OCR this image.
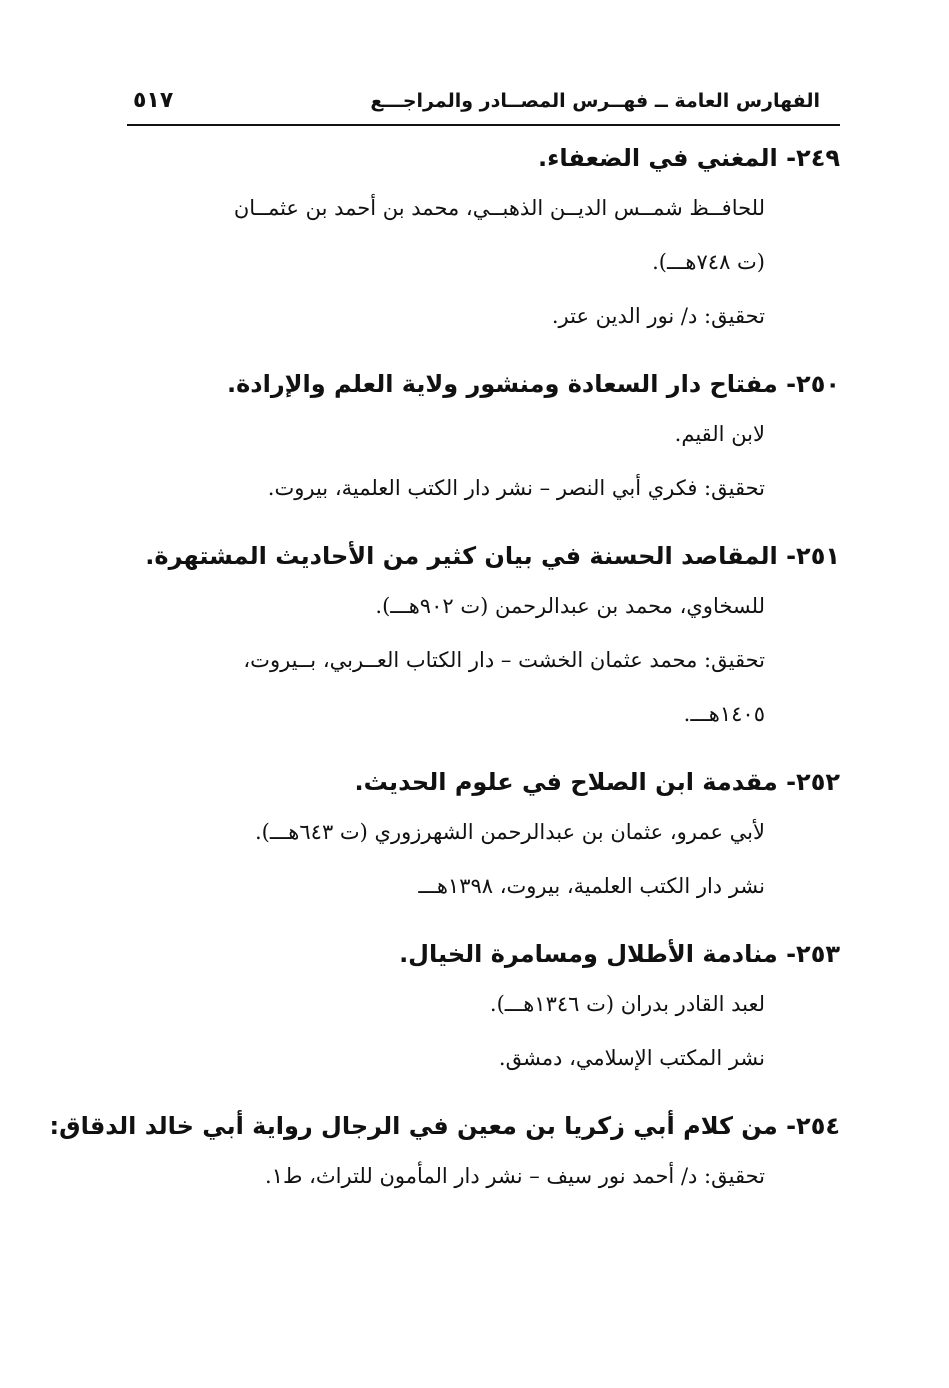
الفهارس العامة ــ فهــرس المصــادر والمراجـــع
٥١٧
٢٤٩- المغني في الضعفاء.
للحافــظ شمــس الديــن الذهبــي، محمد بن أحمد بن عثمــان
(ت ٧٤٨هـــ).
تحقيق: د/ نور الدين عتر.
٢٥٠- مفتاح دار السعادة ومنشور ولاية العلم والإرادة.
لابن القيم.
تحقيق: فكري أبي النصر – نشر دار الكتب العلمية، بيروت.
٢٥١- المقاصد الحسنة في بيان كثير من الأحاديث المشتهرة.
للسخاوي، محمد بن عبدالرحمن (ت ٩٠٢هـــ).
تحقيق: محمد عثمان الخشت – دار الكتاب العــربي، بــيروت،
١٤٠٥هـــ.
٢٥٢- مقدمة ابن الصلاح في علوم الحديث.
لأبي عمرو، عثمان بن عبدالرحمن الشهرزوري (ت ٦٤٣هـــ).
نشر دار الكتب العلمية، بيروت، ١٣٩٨هـــ
٢٥٣- منادمة الأطلال ومسامرة الخيال.
لعبد القادر بدران (ت ١٣٤٦هـــ).
نشر المكتب الإسلامي، دمشق.
٢٥٤- من كلام أبي زكريا بن معين في الرجال رواية أبي خالد الدقاق:
تحقيق: د/ أحمد نور سيف – نشر دار المأمون للتراث، ط١.
